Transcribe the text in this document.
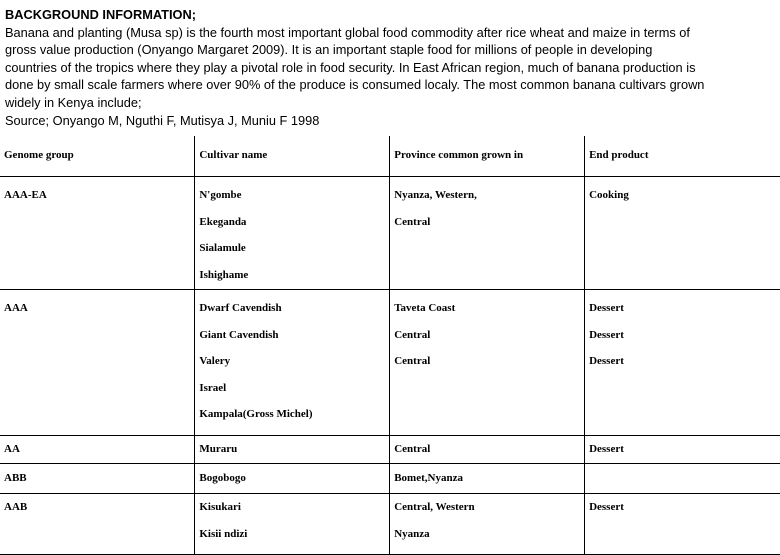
BACKGROUND INFORMATION;

Banana and planting (Musa sp) is the fourth most important global food commodity after rice wheat and maize in terms of

gross value production (Onyango Margaret 2009). It is an important staple food for millions of people in developing

countries of the tropics where they play a pivotal role in food security. In East African region, much of banana production is

done by small scale farmers where over 90% of the produce is consumed localy. The most common banana cultivars grown

widely in Kenya include;

Source; Onyango M, Nguthi F, Mutisya J, Muniu F 1998

Genome group	Cultivar name	Province common grown in	End product

AAA-EA	N'gombe
Ekeganda
Sialamule
Ishighame	Nyanza, Western,
Central	Cooking

AAA	Dwarf Cavendish
Giant Cavendish
Valery
Israel
Kampala(Gross Michel)	Taveta Coast
Central
Central	Dessert
Dessert
Dessert

AA	Muraru	Central	Dessert

ABB	Bogobogo	Bomet,Nyanza	

AAB	Kisukari
Kisii ndizi	Central, Western
Nyanza	Dessert
